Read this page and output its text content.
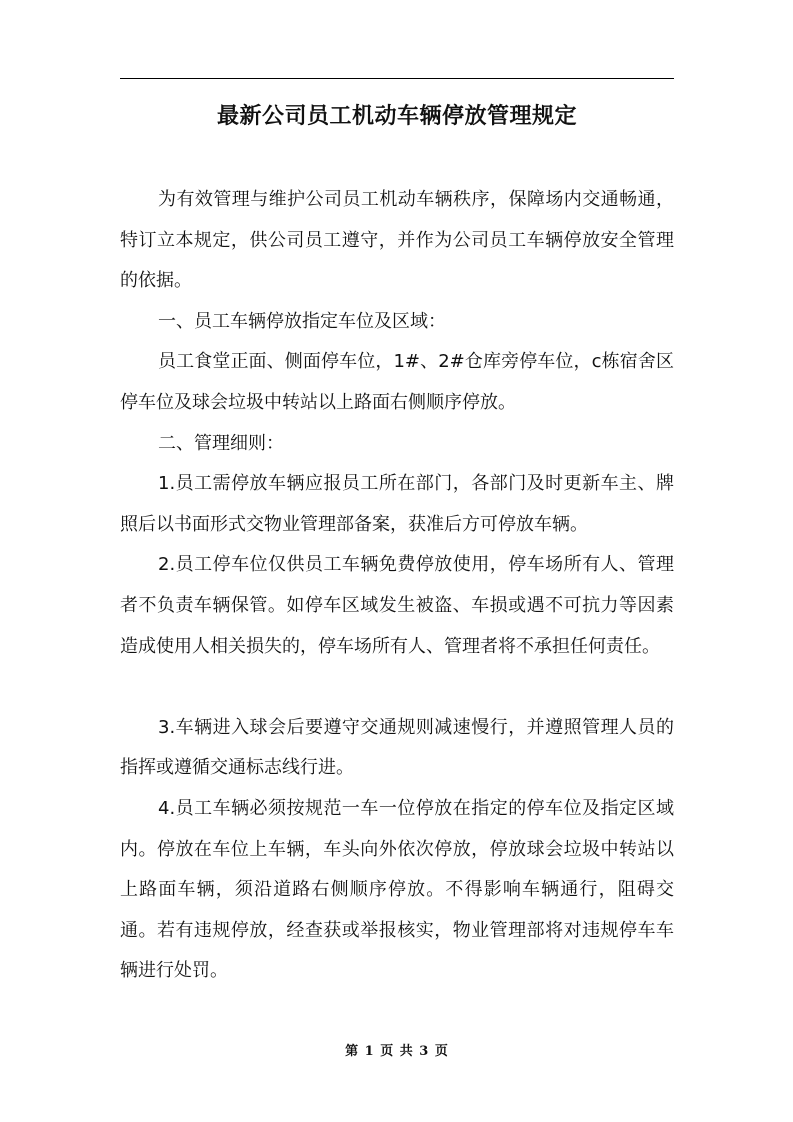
最新公司员工机动车辆停放管理规定

为有效管理与维护公司员工机动车辆秩序，保障场内交通畅通，特订立本规定，供公司员工遵守，并作为公司员工车辆停放安全管理的依据。

一、员工车辆停放指定车位及区域：

员工食堂正面、侧面停车位，1#、2#仓库旁停车位，c栋宿舍区停车位及球会垃圾中转站以上路面右侧顺序停放。

二、管理细则：

1.员工需停放车辆应报员工所在部门，各部门及时更新车主、牌照后以书面形式交物业管理部备案，获准后方可停放车辆。

2.员工停车位仅供员工车辆免费停放使用，停车场所有人、管理者不负责车辆保管。如停车区域发生被盗、车损或遇不可抗力等因素造成使用人相关损失的，停车场所有人、管理者将不承担任何责任。

3.车辆进入球会后要遵守交通规则减速慢行，并遵照管理人员的指挥或遵循交通标志线行进。

4.员工车辆必须按规范一车一位停放在指定的停车位及指定区域内。停放在车位上车辆，车头向外依次停放，停放球会垃圾中转站以上路面车辆，须沿道路右侧顺序停放。不得影响车辆通行，阻碍交通。若有违规停放，经查获或举报核实，物业管理部将对违规停车车辆进行处罚。

第 1 页 共 3 页
